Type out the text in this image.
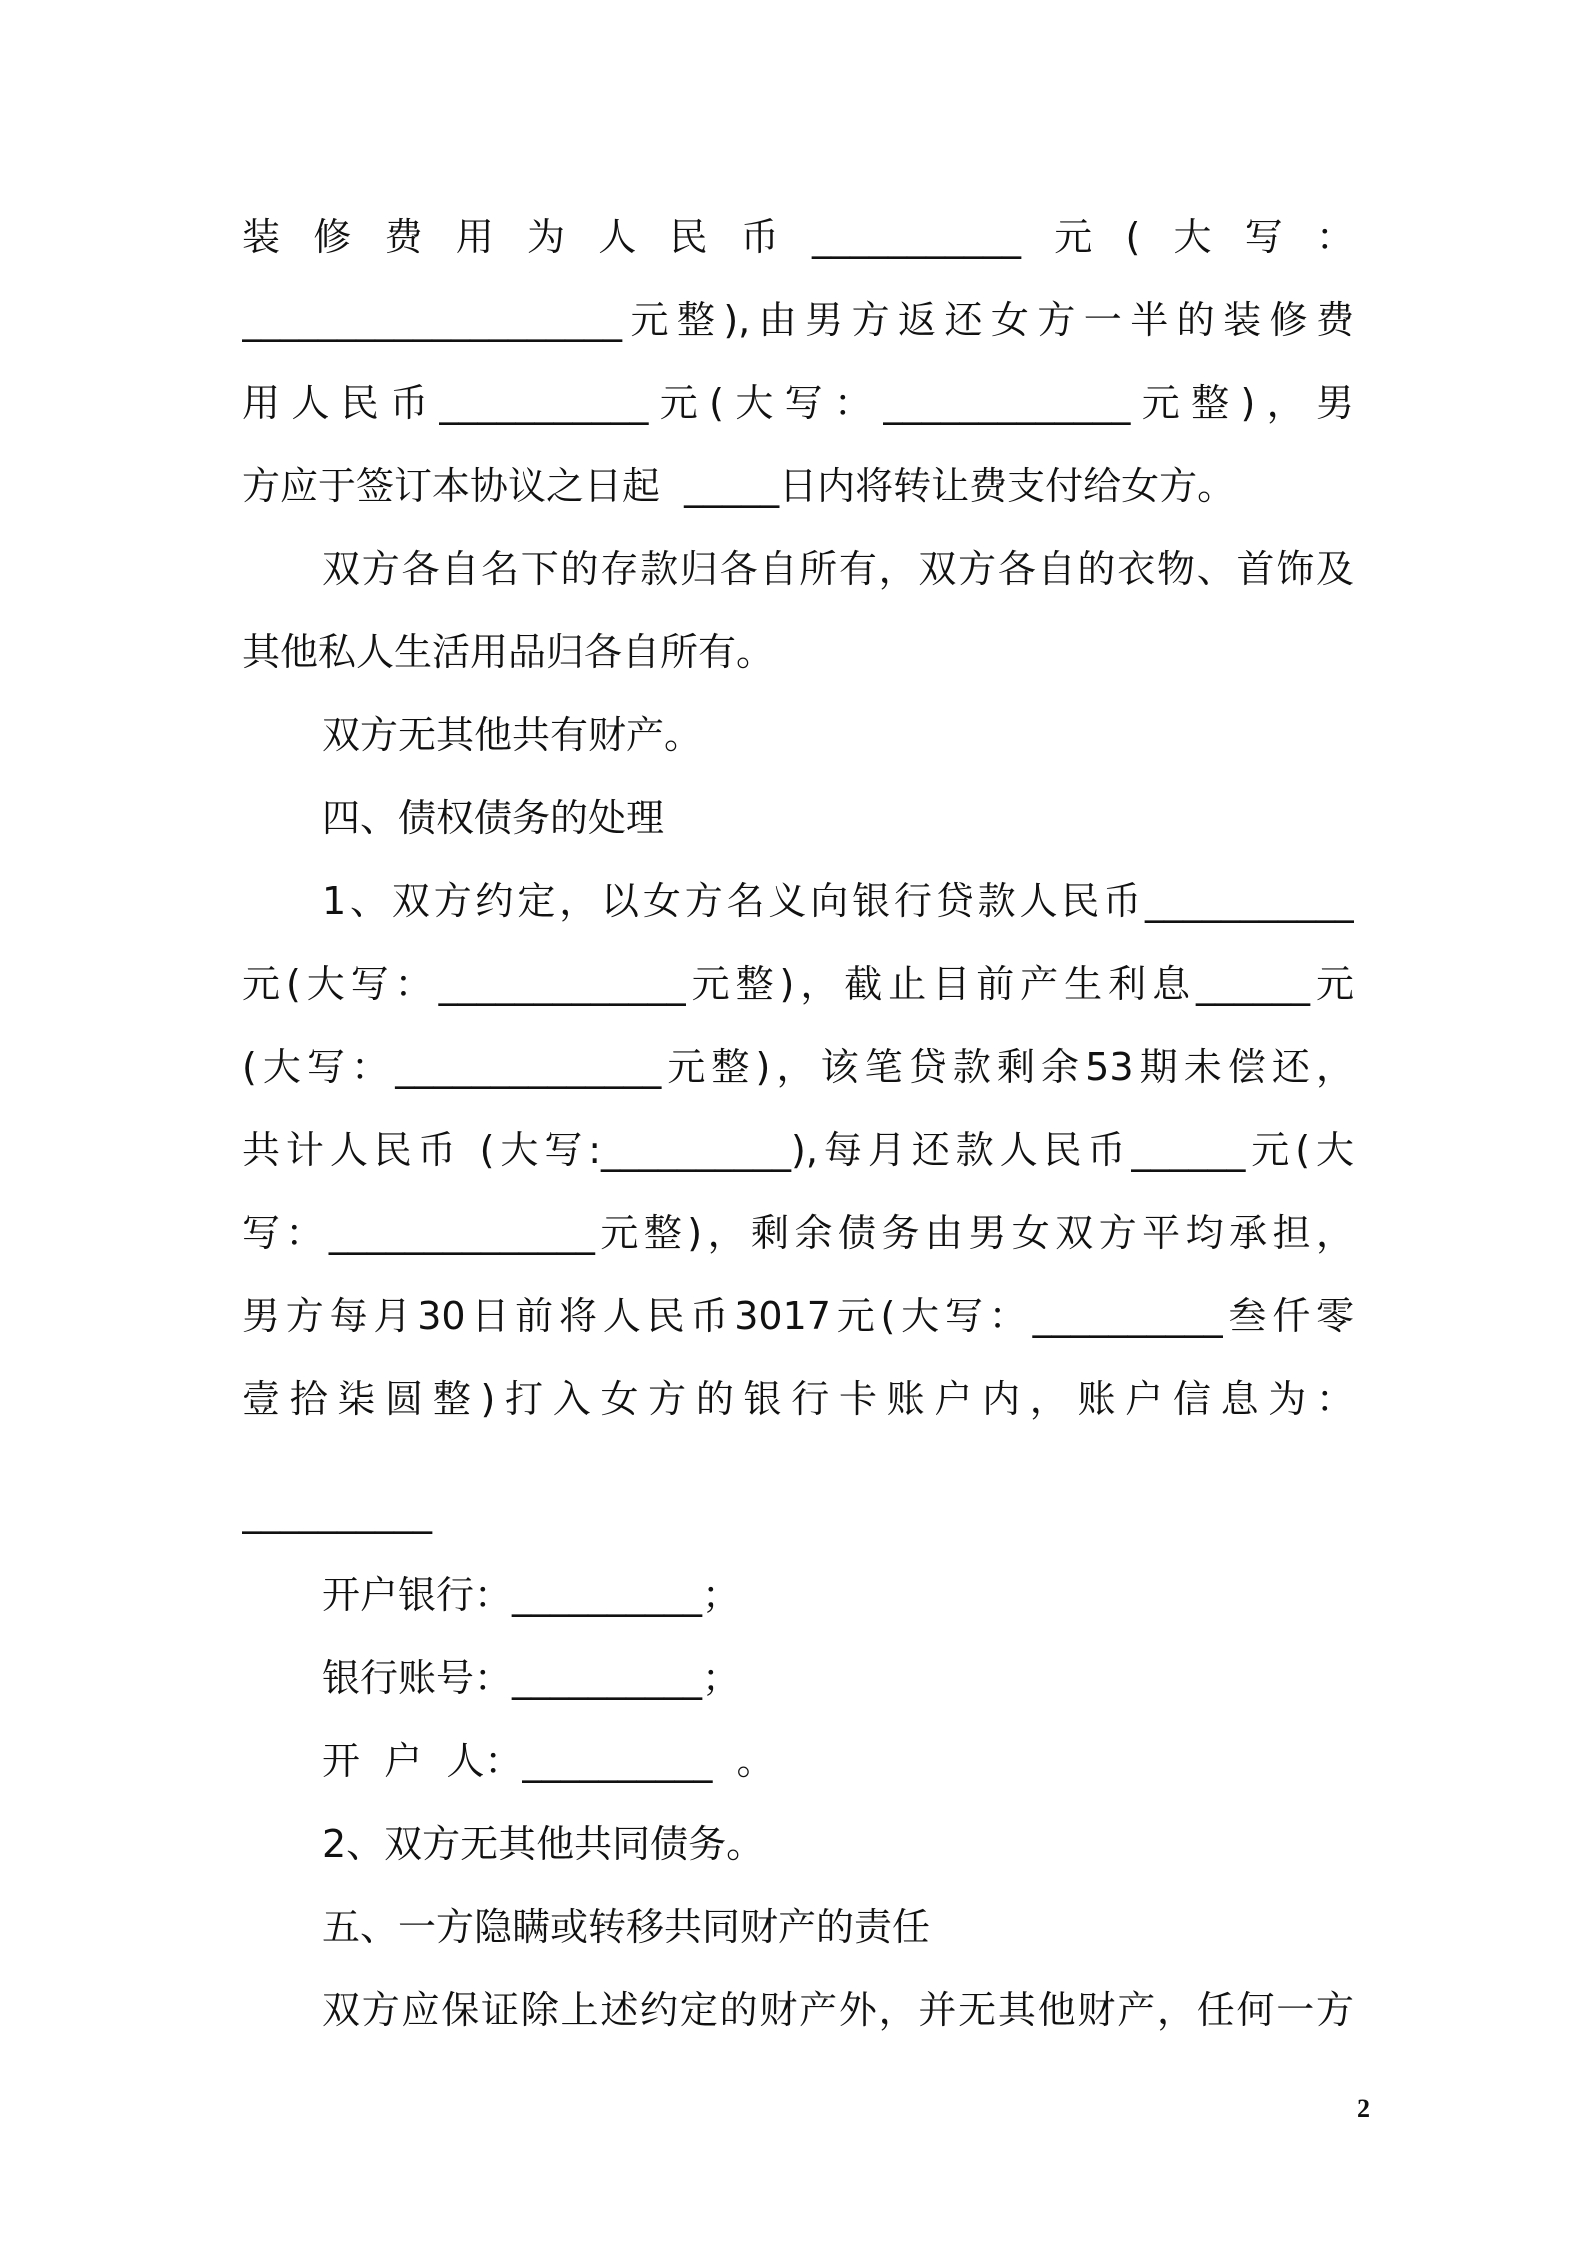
装修费用为人民币___________元(大写：
____________________元整),由男方返还女方一半的装修费
用人民币___________元(大写：_____________元整)，男
方应于签订本协议之日起  _____日内将转让费支付给女方。
双方各自名下的存款归各自所有，双方各自的衣物、首饰及
其他私人生活用品归各自所有。
双方无其他共有财产。
四、债权债务的处理
1、双方约定，以女方名义向银行贷款人民币___________
元(大写：_____________元整)，截止目前产生利息______元
(大写：______________元整)，该笔贷款剩余53期未偿还，
共计人民币 (大写:__________),每月还款人民币______元(大
写：______________元整)，剩余债务由男女双方平均承担，
男方每月30日前将人民币3017元(大写：__________叁仟零
壹拾柒圆整)打入女方的银行卡账户内，账户信息为：
__________
开户银行：__________；
银行账号：__________；
开  户  人：__________  。
2、双方无其他共同债务。
五、一方隐瞒或转移共同财产的责任
双方应保证除上述约定的财产外，并无其他财产，任何一方
2
